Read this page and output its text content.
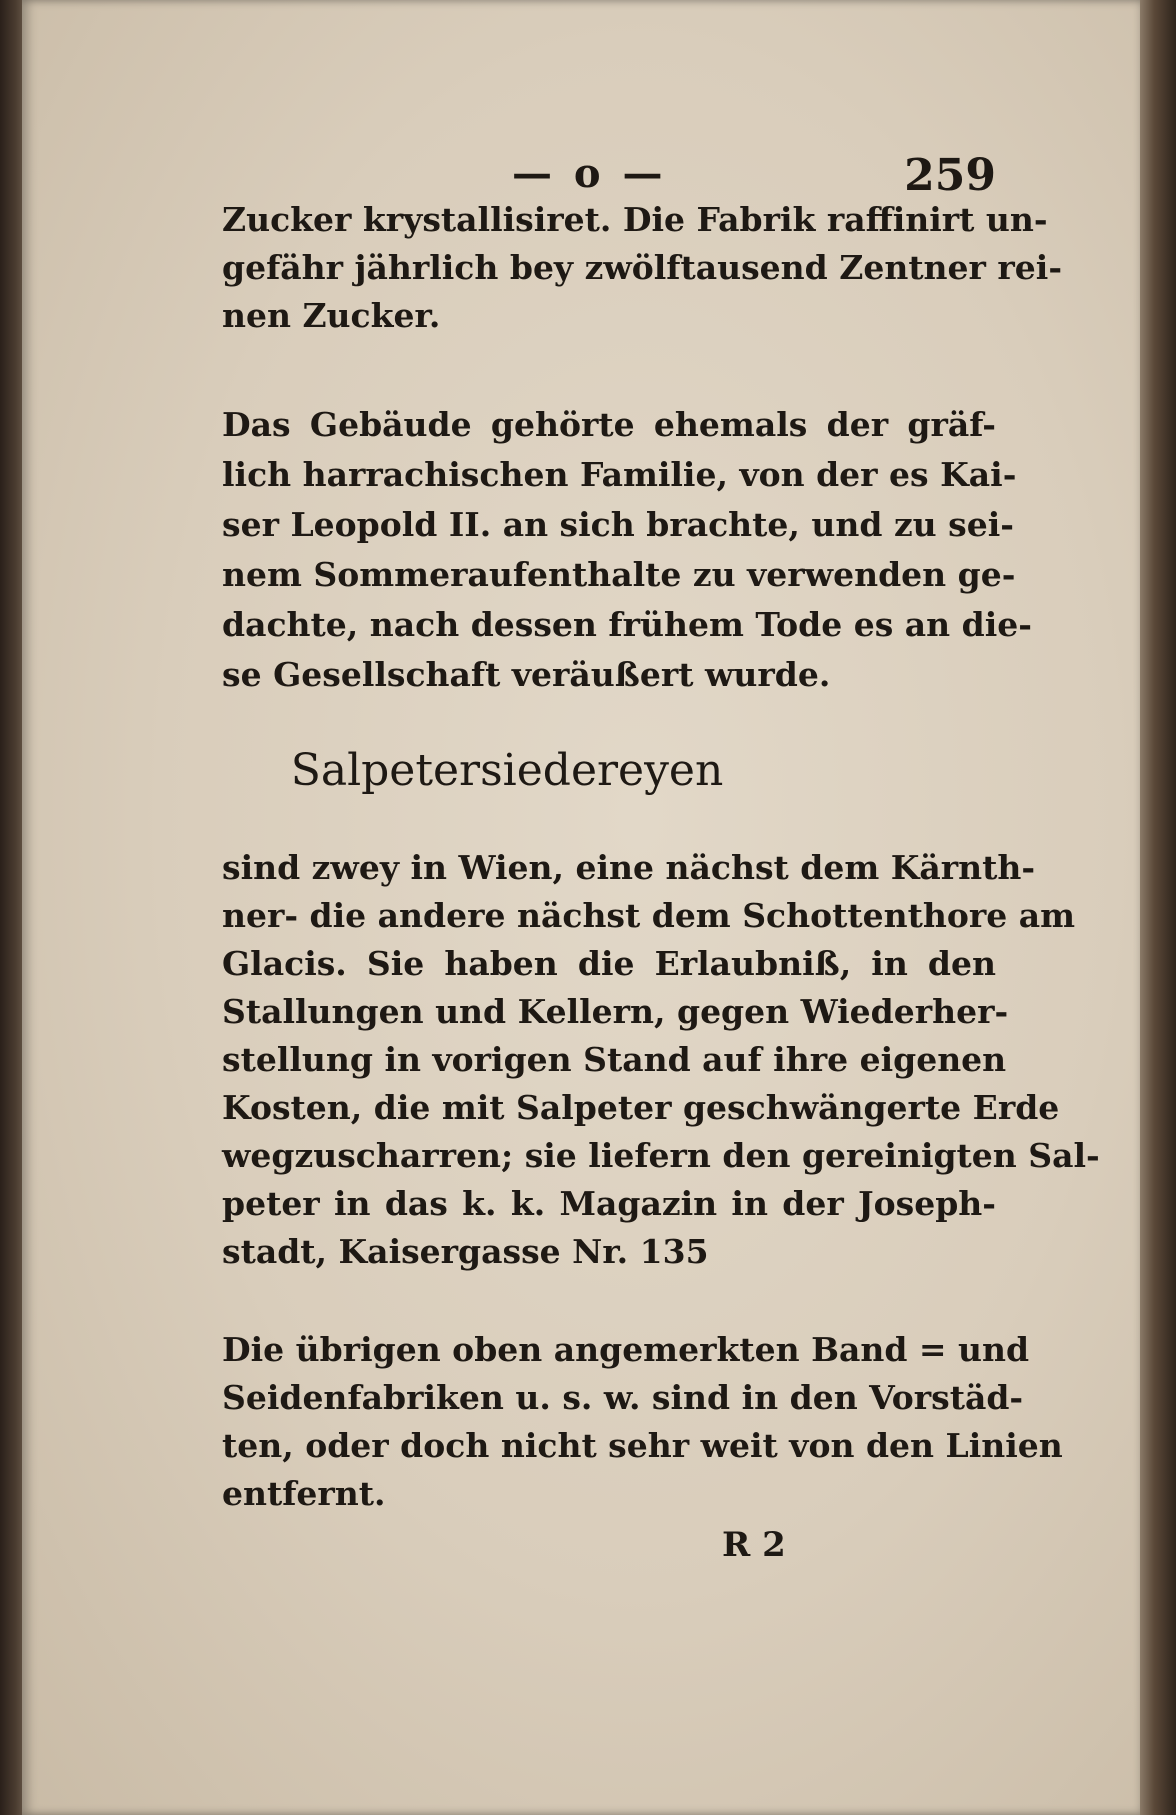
— o —	259
Zucker krystallisiret. Die Fabrik raffinirt un-
gefähr jährlich bey zwölftausend Zentner rei-
nen Zucker.
Das Gebäude gehörte ehemals der gräf-
lich harrachischen Familie, von der es Kai-
ser Leopold II. an sich brachte, und zu sei-
nem Sommeraufenthalte zu verwenden ge-
dachte, nach dessen frühem Tode es an die-
se Gesellschaft veräußert wurde.
Salpetersiedereyen
sind zwey in Wien, eine nächst dem Kärnth-
ner- die andere nächst dem Schottenthore am
Glacis. Sie haben die Erlaubniß, in den
Stallungen und Kellern, gegen Wiederher-
stellung in vorigen Stand auf ihre eigenen
Kosten, die mit Salpeter geschwängerte Erde
wegzuscharren; sie liefern den gereinigten Sal-
peter in das k. k. Magazin in der Joseph-
stadt, Kaisergasse Nr. 135
Die übrigen oben angemerkten Band = und
Seidenfabriken u. s. w. sind in den Vorstäd-
ten, oder doch nicht sehr weit von den Linien
entfernt.
R 2
